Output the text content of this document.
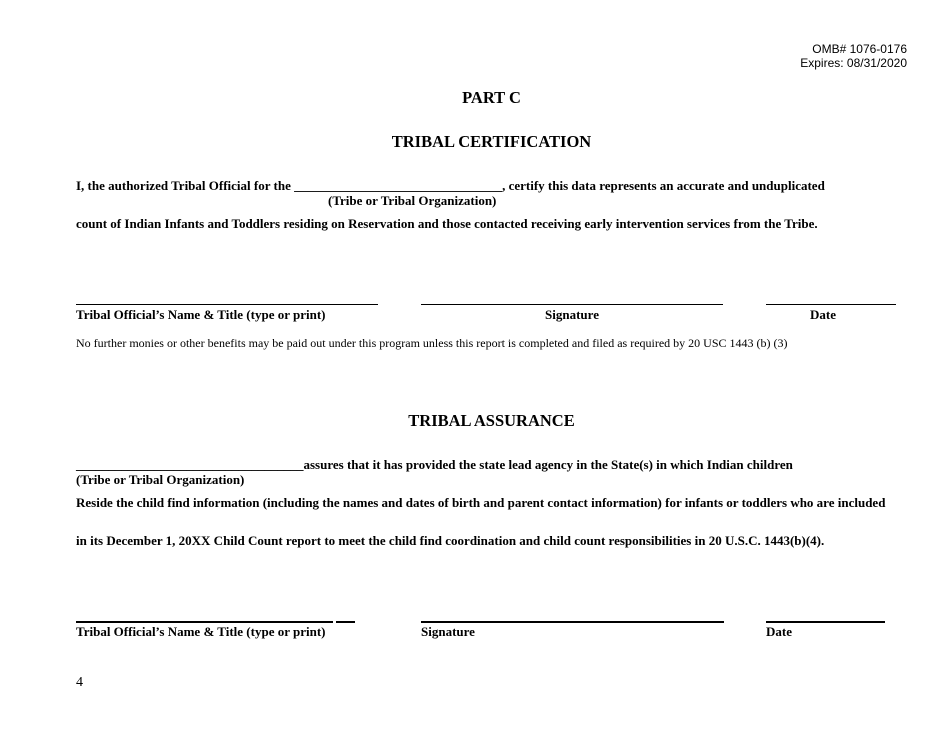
OMB# 1076-0176
Expires: 08/31/2020
PART C
TRIBAL CERTIFICATION
I, the authorized Tribal Official for the ________________________________, certify this data represents an accurate and unduplicated
(Tribe or Tribal Organization)
count of Indian Infants and Toddlers residing on Reservation and those contacted receiving early intervention services from the Tribe.
Tribal Official’s Name & Title (type or print)	Signature	Date
No further monies or other benefits may be paid out under this program unless this report is completed and filed as required by 20 USC 1443 (b) (3)
TRIBAL ASSURANCE
___________________________________assures that it has provided the state lead agency in the State(s) in which Indian children
(Tribe or Tribal Organization)
Reside the child find information (including the names and dates of birth and parent contact information) for infants or toddlers who are included
in its December 1, 20XX Child Count report to meet the child find coordination and child count responsibilities in 20 U.S.C. 1443(b)(4).
Tribal Official’s Name & Title (type or print)	Signature	Date
4
